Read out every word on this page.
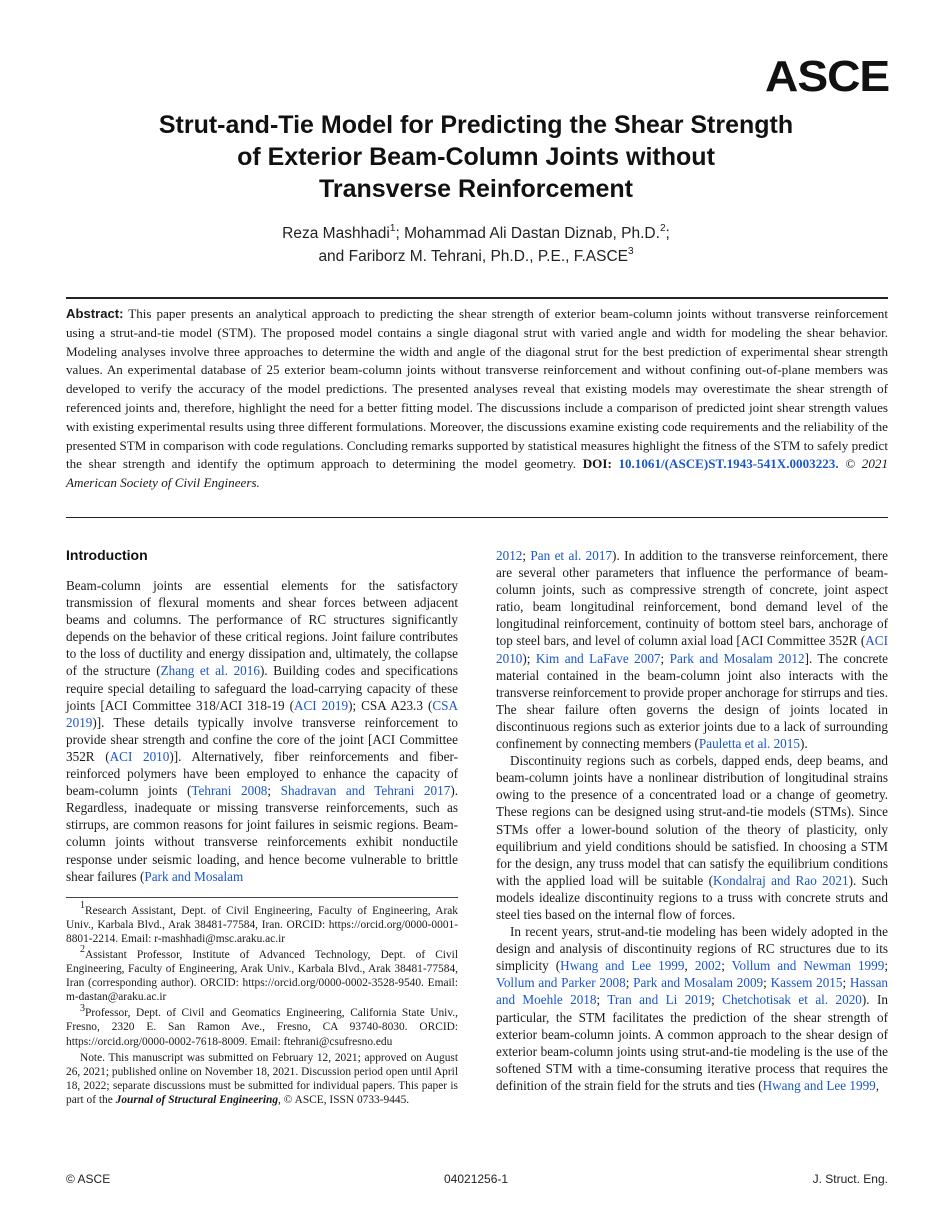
ASCE
Strut-and-Tie Model for Predicting the Shear Strength
of Exterior Beam-Column Joints without
Transverse Reinforcement
Reza Mashhadi$^1$; Mohammad Ali Dastan Diznab, Ph.D.$^2$;
and Fariborz M. Tehrani, Ph.D., P.E., F.ASCE$^3$

Abstract: This paper presents an analytical approach to predicting the shear strength of exterior beam-column joints without transverse reinforcement using a strut-and-tie model (STM). The proposed model contains a single diagonal strut with varied angle and width for modeling the shear behavior. Modeling analyses involve three approaches to determine the width and angle of the diagonal strut for the best prediction of experimental shear strength values. An experimental database of 25 exterior beam-column joints without transverse reinforcement and without confining out-of-plane members was developed to verify the accuracy of the model predictions. The presented analyses reveal that existing models may overestimate the shear strength of referenced joints and, therefore, highlight the need for a better fitting model. The discussions include a comparison of predicted joint shear strength values with existing experimental results using three different formulations. Moreover, the discussions examine existing code requirements and the reliability of the presented STM in comparison with code regulations. Concluding remarks supported by statistical measures highlight the fitness of the STM to safely predict the shear strength and identify the optimum approach to determining the model geometry. DOI: 10.1061/(ASCE)ST.1943-541X.0003223. © 2021 American Society of Civil Engineers.

Introduction

Beam-column joints are essential elements for the satisfactory transmission of flexural moments and shear forces between adjacent beams and columns. The performance of RC structures significantly depends on the behavior of these critical regions. Joint failure contributes to the loss of ductility and energy dissipation and, ultimately, the collapse of the structure (Zhang et al. 2016). Building codes and specifications require special detailing to safeguard the load-carrying capacity of these joints [ACI Committee 318/ACI 318-19 (ACI 2019); CSA A23.3 (CSA 2019)]. These details typically involve transverse reinforcement to provide shear strength and confine the core of the joint [ACI Committee 352R (ACI 2010)]. Alternatively, fiber reinforcements and fiber-reinforced polymers have been employed to enhance the capacity of beam-column joints (Tehrani 2008; Shadravan and Tehrani 2017). Regardless, inadequate or missing transverse reinforcements, such as stirrups, are common reasons for joint failures in seismic regions. Beam-column joints without transverse reinforcements exhibit nonductile response under seismic loading, and hence become vulnerable to brittle shear failures (Park and Mosalam

$^1$Research Assistant, Dept. of Civil Engineering, Faculty of Engineering, Arak Univ., Karbala Blvd., Arak 38481-77584, Iran. ORCID: https://orcid.org/0000-0001-8801-2214. Email: r-mashhadi@msc.araku.ac.ir

$^2$Assistant Professor, Institute of Advanced Technology, Dept. of Civil Engineering, Faculty of Engineering, Arak Univ., Karbala Blvd., Arak 38481-77584, Iran (corresponding author). ORCID: https://orcid.org/0000-0002-3528-9540. Email: m-dastan@araku.ac.ir

$^3$Professor, Dept. of Civil and Geomatics Engineering, California State Univ., Fresno, 2320 E. San Ramon Ave., Fresno, CA 93740-8030. ORCID: https://orcid.org/0000-0002-7618-8009. Email: ftehrani@csufresno.edu

Note. This manuscript was submitted on February 12, 2021; approved on August 26, 2021; published online on November 18, 2021. Discussion period open until April 18, 2022; separate discussions must be submitted for individual papers. This paper is part of the Journal of Structural Engineering, © ASCE, ISSN 0733-9445.

2012; Pan et al. 2017). In addition to the transverse reinforcement, there are several other parameters that influence the performance of beam-column joints, such as compressive strength of concrete, joint aspect ratio, beam longitudinal reinforcement, bond demand level of the longitudinal reinforcement, continuity of bottom steel bars, anchorage of top steel bars, and level of column axial load [ACI Committee 352R (ACI 2010); Kim and LaFave 2007; Park and Mosalam 2012]. The concrete material contained in the beam-column joint also interacts with the transverse reinforcement to provide proper anchorage for stirrups and ties. The shear failure often governs the design of joints located in discontinuous regions such as exterior joints due to a lack of surrounding confinement by connecting members (Pauletta et al. 2015).

Discontinuity regions such as corbels, dapped ends, deep beams, and beam-column joints have a nonlinear distribution of longitudinal strains owing to the presence of a concentrated load or a change of geometry. These regions can be designed using strut-and-tie models (STMs). Since STMs offer a lower-bound solution of the theory of plasticity, only equilibrium and yield conditions should be satisfied. In choosing a STM for the design, any truss model that can satisfy the equilibrium conditions with the applied load will be suitable (Kondalraj and Rao 2021). Such models idealize discontinuity regions to a truss with concrete struts and steel ties based on the internal flow of forces.

In recent years, strut-and-tie modeling has been widely adopted in the design and analysis of discontinuity regions of RC structures due to its simplicity (Hwang and Lee 1999, 2002; Vollum and Newman 1999; Vollum and Parker 2008; Park and Mosalam 2009; Kassem 2015; Hassan and Moehle 2018; Tran and Li 2019; Chetchotisak et al. 2020). In particular, the STM facilitates the prediction of the shear strength of exterior beam-column joints. A common approach to the shear design of exterior beam-column joints using strut-and-tie modeling is the use of the softened STM with a time-consuming iterative process that requires the definition of the strain field for the struts and ties (Hwang and Lee 1999,

© ASCE	04021256-1	J. Struct. Eng.
